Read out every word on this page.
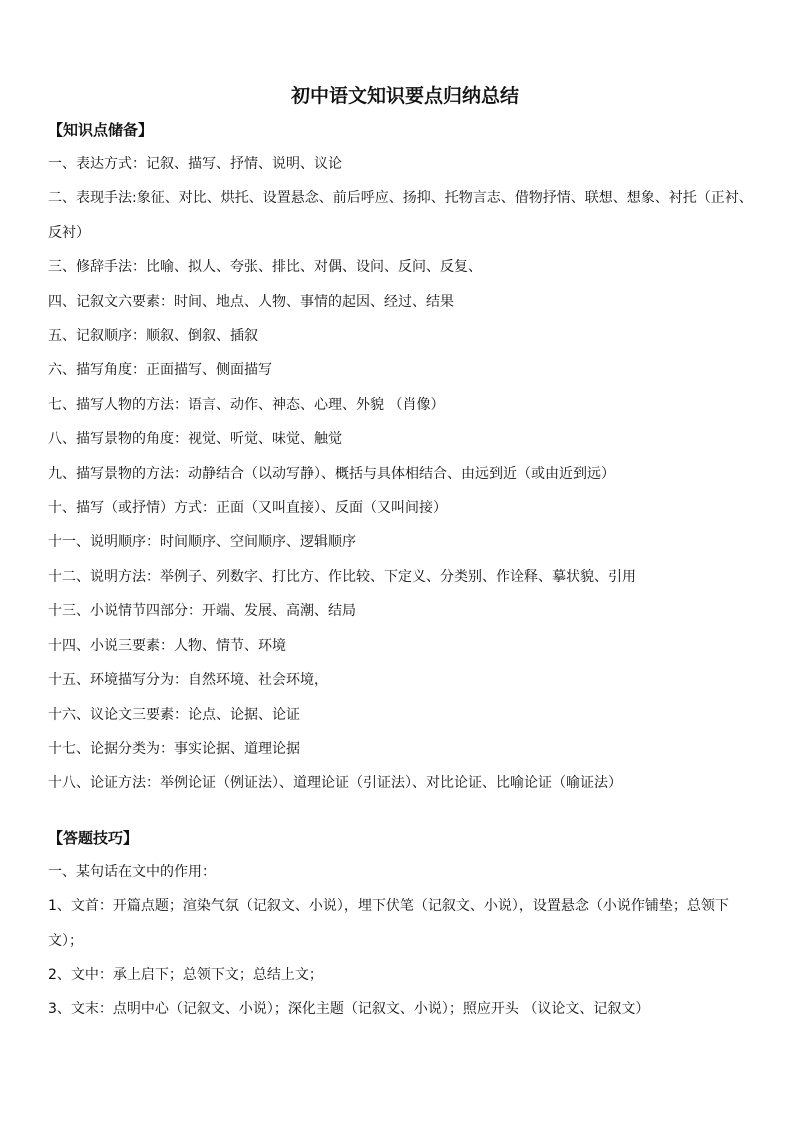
初中语文知识要点归纳总结
【知识点储备】
一、表达方式：记叙、描写、抒情、说明、议论
二、表现手法:象征、对比、烘托、设置悬念、前后呼应、扬抑、托物言志、借物抒情、联想、想象、衬托（正衬、反衬）
三、修辞手法：比喻、拟人、夸张、排比、对偶、设问、反问、反复、
四、记叙文六要素：时间、地点、人物、事情的起因、经过、结果
五、记叙顺序：顺叙、倒叙、插叙
六、描写角度：正面描写、侧面描写
七、描写人物的方法：语言、动作、神态、心理、外貌 （肖像）
八、描写景物的角度：视觉、听觉、味觉、触觉
九、描写景物的方法：动静结合（以动写静）、概括与具体相结合、由远到近（或由近到远）
十、描写（或抒情）方式：正面（又叫直接）、反面（又叫间接）
十一、说明顺序：时间顺序、空间顺序、逻辑顺序
十二、说明方法：举例子、列数字、打比方、作比较、下定义、分类别、作诠释、摹状貌、引用
十三、小说情节四部分：开端、发展、高潮、结局
十四、小说三要素：人物、情节、环境
十五、环境描写分为：自然环境、社会环境，
十六、议论文三要素：论点、论据、论证
十七、论据分类为：事实论据、道理论据
十八、论证方法：举例论证（例证法）、道理论证（引证法）、对比论证、比喻论证（喻证法）
【答题技巧】
一、某句话在文中的作用：
1、文首：开篇点题；渲染气氛（记叙文、小说），埋下伏笔（记叙文、小说），设置悬念（小说作铺垫；总领下文）；
2、文中：承上启下；总领下文；总结上文；
3、文末：点明中心（记叙文、小说）；深化主题（记叙文、小说）；照应开头 （议论文、记叙文）
